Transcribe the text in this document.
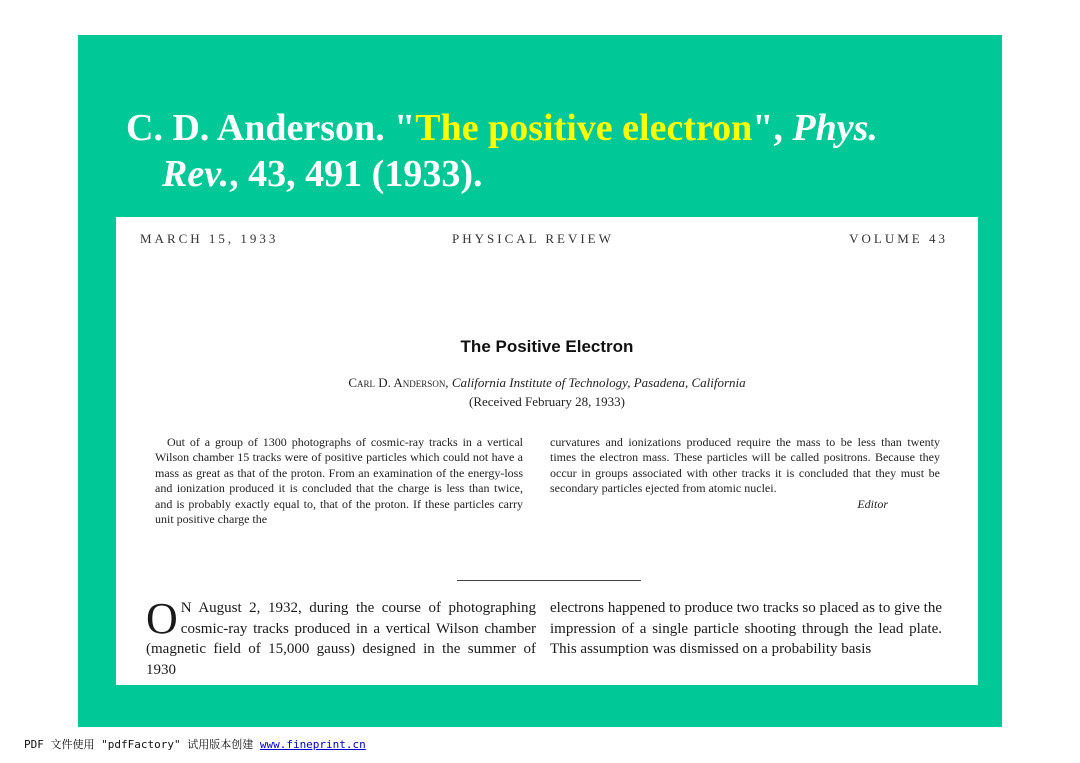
C. D. Anderson. "The positive electron", Phys.
Rev., 43, 491 (1933).
MARCH 15, 1933	PHYSICAL REVIEW	VOLUME 43
The Positive Electron
Carl D. Anderson, California Institute of Technology, Pasadena, California
(Received February 28, 1933)
Out of a group of 1300 photographs of cosmic-ray tracks in a vertical Wilson chamber 15 tracks were of positive particles which could not have a mass as great as that of the proton. From an examination of the energy-loss and ionization produced it is concluded that the charge is less than twice, and is probably exactly equal to, that of the proton. If these particles carry unit positive charge the
curvatures and ionizations produced require the mass to be less than twenty times the electron mass. These particles will be called positrons. Because they occur in groups associated with other tracks it is concluded that they must be secondary particles ejected from atomic nuclei.
Editor
O N August 2, 1932, during the course of photographing cosmic-ray tracks produced in a vertical Wilson chamber (magnetic field of 15,000 gauss) designed in the summer of 1930
electrons happened to produce two tracks so placed as to give the impression of a single particle shooting through the lead plate. This assumption was dismissed on a probability basis
PDF 文件使用 "pdfFactory" 试用版本创建 www.fineprint.cn
